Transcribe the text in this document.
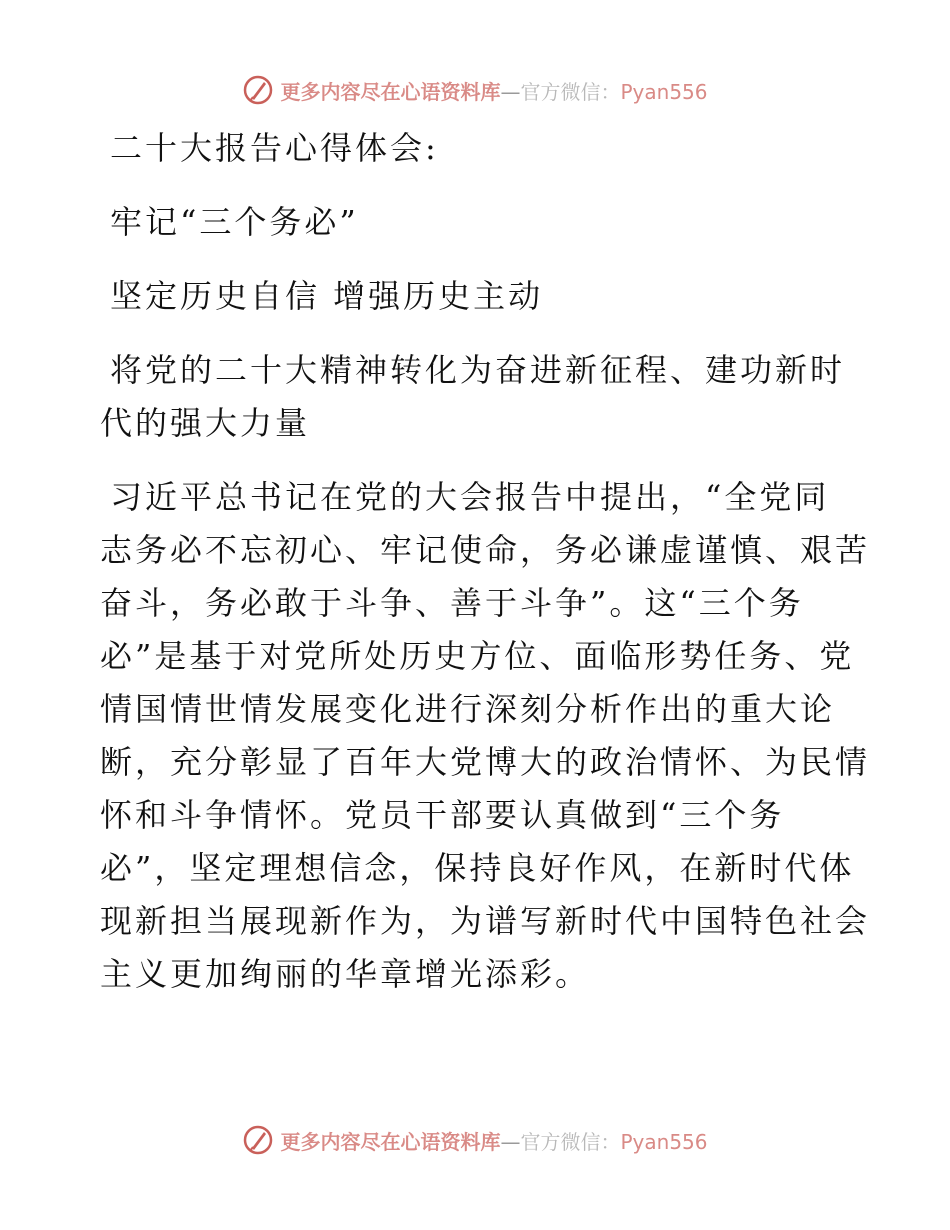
更多内容尽在心语资料库—官方微信：Pyan556
二十大报告心得体会:
牢记“三个务必”
坚定历史自信 增强历史主动
将党的二十大精神转化为奋进新征程、建功新时
代的强大力量
习近平总书记在党的大会报告中提出，“全党同
志务必不忘初心、牢记使命，务必谦虚谨慎、艰苦
奋斗，务必敢于斗争、善于斗争”。这“三个务
必”是基于对党所处历史方位、面临形势任务、党
情国情世情发展变化进行深刻分析作出的重大论
断，充分彰显了百年大党博大的政治情怀、为民情
怀和斗争情怀。党员干部要认真做到“三个务
必”，坚定理想信念，保持良好作风，在新时代体
现新担当展现新作为，为谱写新时代中国特色社会
主义更加绚丽的华章增光添彩。
更多内容尽在心语资料库—官方微信：Pyan556
